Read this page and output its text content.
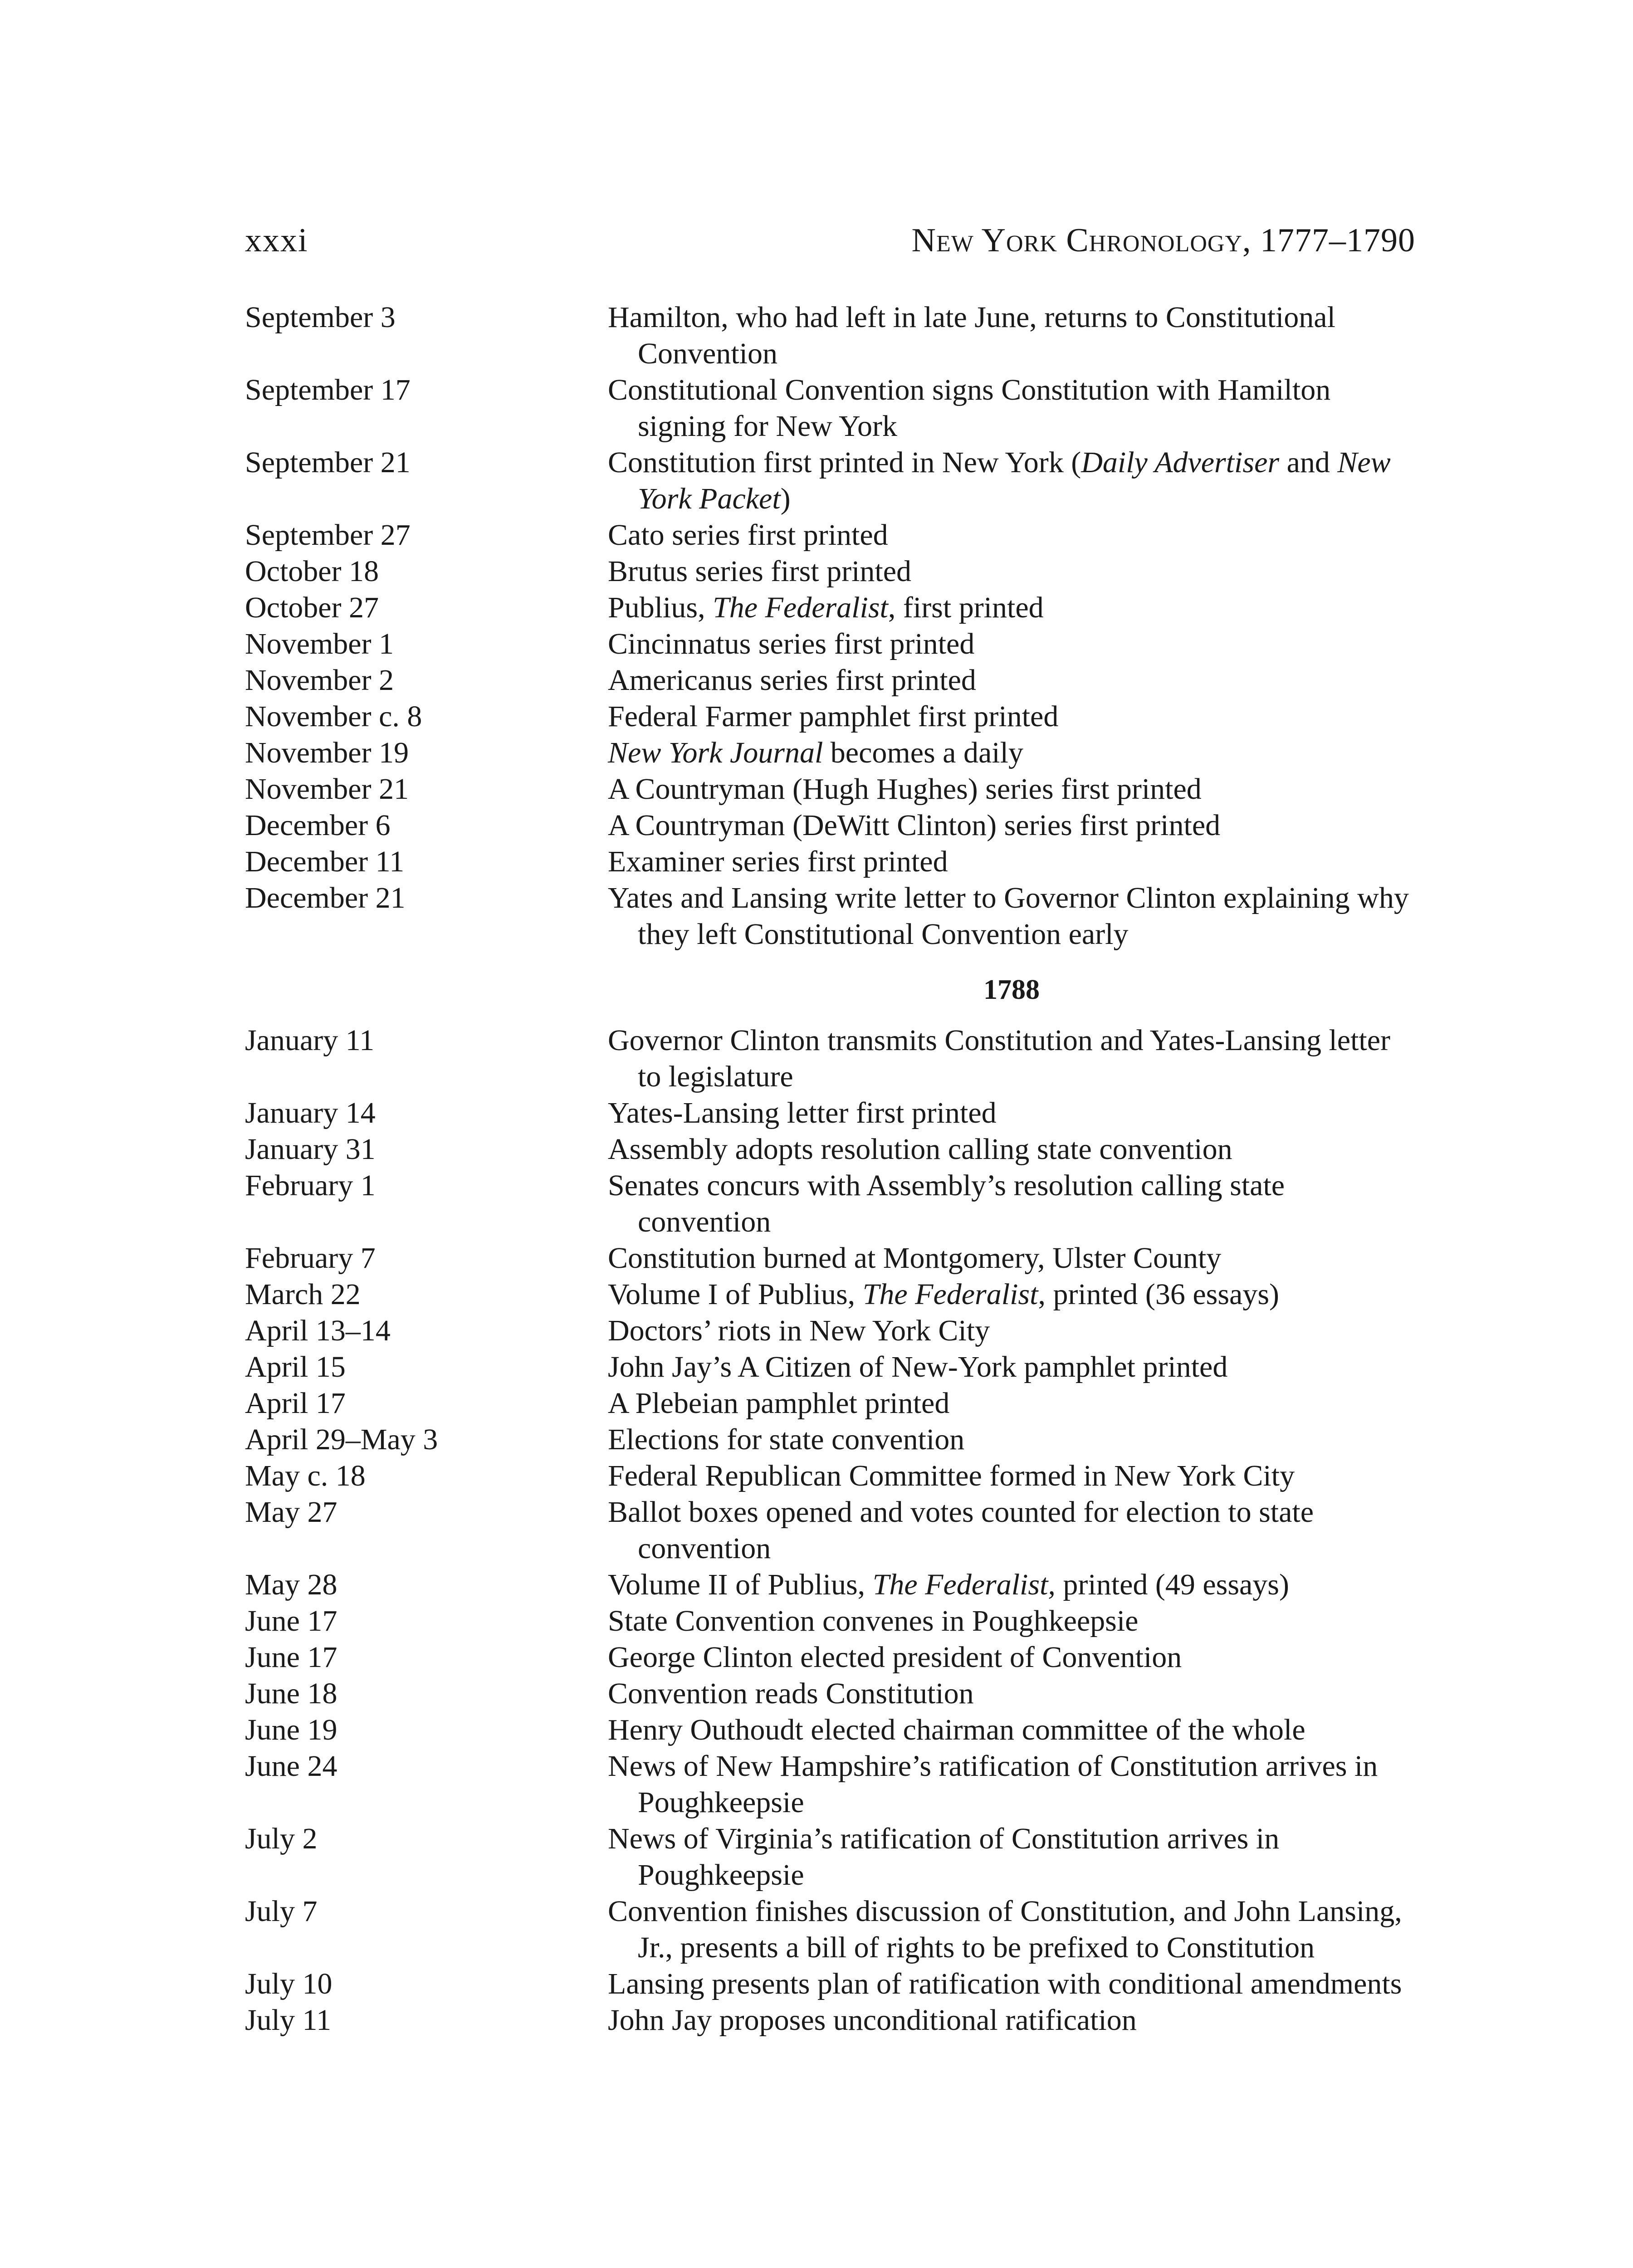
xxxi	New York Chronology, 1777–1790
September 3	Hamilton, who had left in late June, returns to Constitutional Convention
September 17	Constitutional Convention signs Constitution with Hamilton signing for New York
September 21	Constitution first printed in New York (Daily Advertiser and New York Packet)
September 27	Cato series first printed
October 18	Brutus series first printed
October 27	Publius, The Federalist, first printed
November 1	Cincinnatus series first printed
November 2	Americanus series first printed
November c. 8	Federal Farmer pamphlet first printed
November 19	New York Journal becomes a daily
November 21	A Countryman (Hugh Hughes) series first printed
December 6	A Countryman (DeWitt Clinton) series first printed
December 11	Examiner series first printed
December 21	Yates and Lansing write letter to Governor Clinton explaining why they left Constitutional Convention early
1788
January 11	Governor Clinton transmits Constitution and Yates-Lansing letter to legislature
January 14	Yates-Lansing letter first printed
January 31	Assembly adopts resolution calling state convention
February 1	Senates concurs with Assembly’s resolution calling state convention
February 7	Constitution burned at Montgomery, Ulster County
March 22	Volume I of Publius, The Federalist, printed (36 essays)
April 13–14	Doctors’ riots in New York City
April 15	John Jay’s A Citizen of New-York pamphlet printed
April 17	A Plebeian pamphlet printed
April 29–May 3	Elections for state convention
May c. 18	Federal Republican Committee formed in New York City
May 27	Ballot boxes opened and votes counted for election to state convention
May 28	Volume II of Publius, The Federalist, printed (49 essays)
June 17	State Convention convenes in Poughkeepsie
June 17	George Clinton elected president of Convention
June 18	Convention reads Constitution
June 19	Henry Outhoudt elected chairman committee of the whole
June 24	News of New Hampshire’s ratification of Constitution arrives in Poughkeepsie
July 2	News of Virginia’s ratification of Constitution arrives in Poughkeepsie
July 7	Convention finishes discussion of Constitution, and John Lansing, Jr., presents a bill of rights to be prefixed to Constitution
July 10	Lansing presents plan of ratification with conditional amendments
July 11	John Jay proposes unconditional ratification
